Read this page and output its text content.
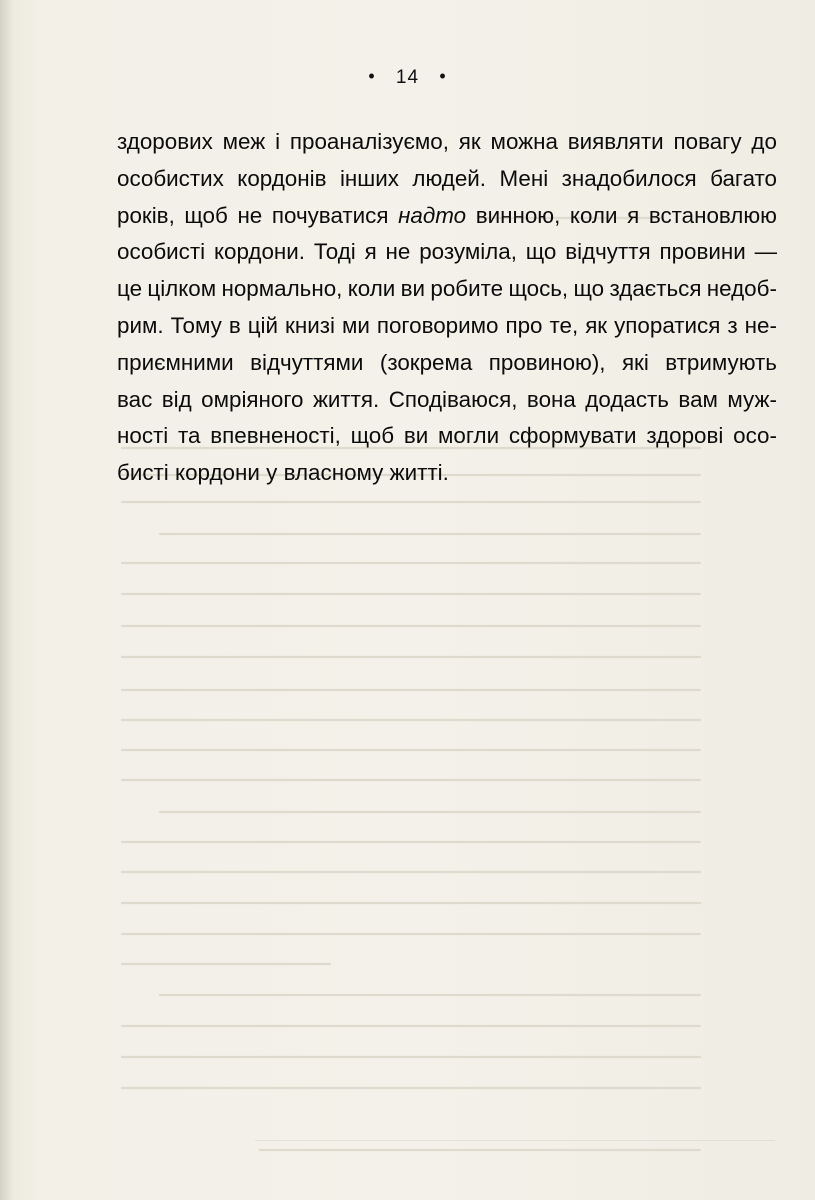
• 14 •
здорових меж і проаналізуємо, як можна виявляти повагу до
особистих кордонів інших людей. Мені знадобилося багато
років, щоб не почуватися надто винною, коли я встановлюю
особисті кордони. Тоді я не розуміла, що відчуття провини —
це цілком нормально, коли ви робите щось, що здається недоб-
рим. Тому в цій книзі ми поговоримо про те, як упоратися з не-
приємними відчуттями (зокрема провиною), які втримують
вас від омріяного життя. Сподіваюся, вона додасть вам муж-
ності та впевненості, щоб ви могли сформувати здорові осо-
бисті кордони у власному житті.
